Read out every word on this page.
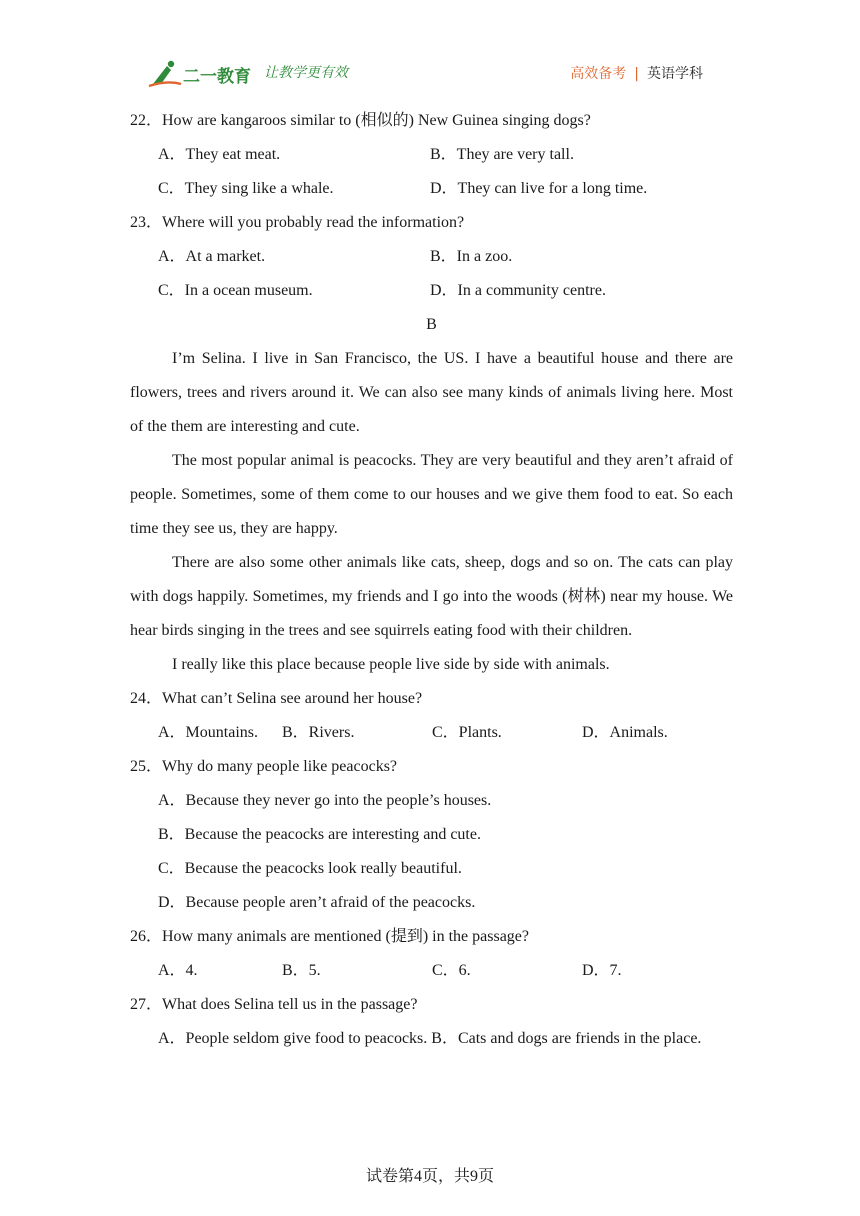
二一教育 让教学更有效	高效备考 | 英语学科
22．How are kangaroos similar to (相似的) New Guinea singing dogs?
A．They eat meat.	B．They are very tall.
C．They sing like a whale.	D．They can live for a long time.
23．Where will you probably read the information?
A．At a market.	B．In a zoo.
C．In a ocean museum.	D．In a community centre.
B
I’m Selina. I live in San Francisco, the US. I have a beautiful house and there are flowers, trees and rivers around it. We can also see many kinds of animals living here. Most of the them are interesting and cute.
The most popular animal is peacocks. They are very beautiful and they aren’t afraid of people. Sometimes, some of them come to our houses and we give them food to eat. So each time they see us, they are happy.
There are also some other animals like cats, sheep, dogs and so on. The cats can play with dogs happily. Sometimes, my friends and I go into the woods (树林) near my house. We hear birds singing in the trees and see squirrels eating food with their children.
I really like this place because people live side by side with animals.
24．What can’t Selina see around her house?
A．Mountains.	B．Rivers.	C．Plants.	D．Animals.
25．Why do many people like peacocks?
A．Because they never go into the people’s houses.
B．Because the peacocks are interesting and cute.
C．Because the peacocks look really beautiful.
D．Because people aren’t afraid of the peacocks.
26．How many animals are mentioned (提到) in the passage?
A．4.	B．5.	C．6.	D．7.
27．What does Selina tell us in the passage?
A．People seldom give food to peacocks. B．Cats and dogs are friends in the place.
试卷第4页，共9页
